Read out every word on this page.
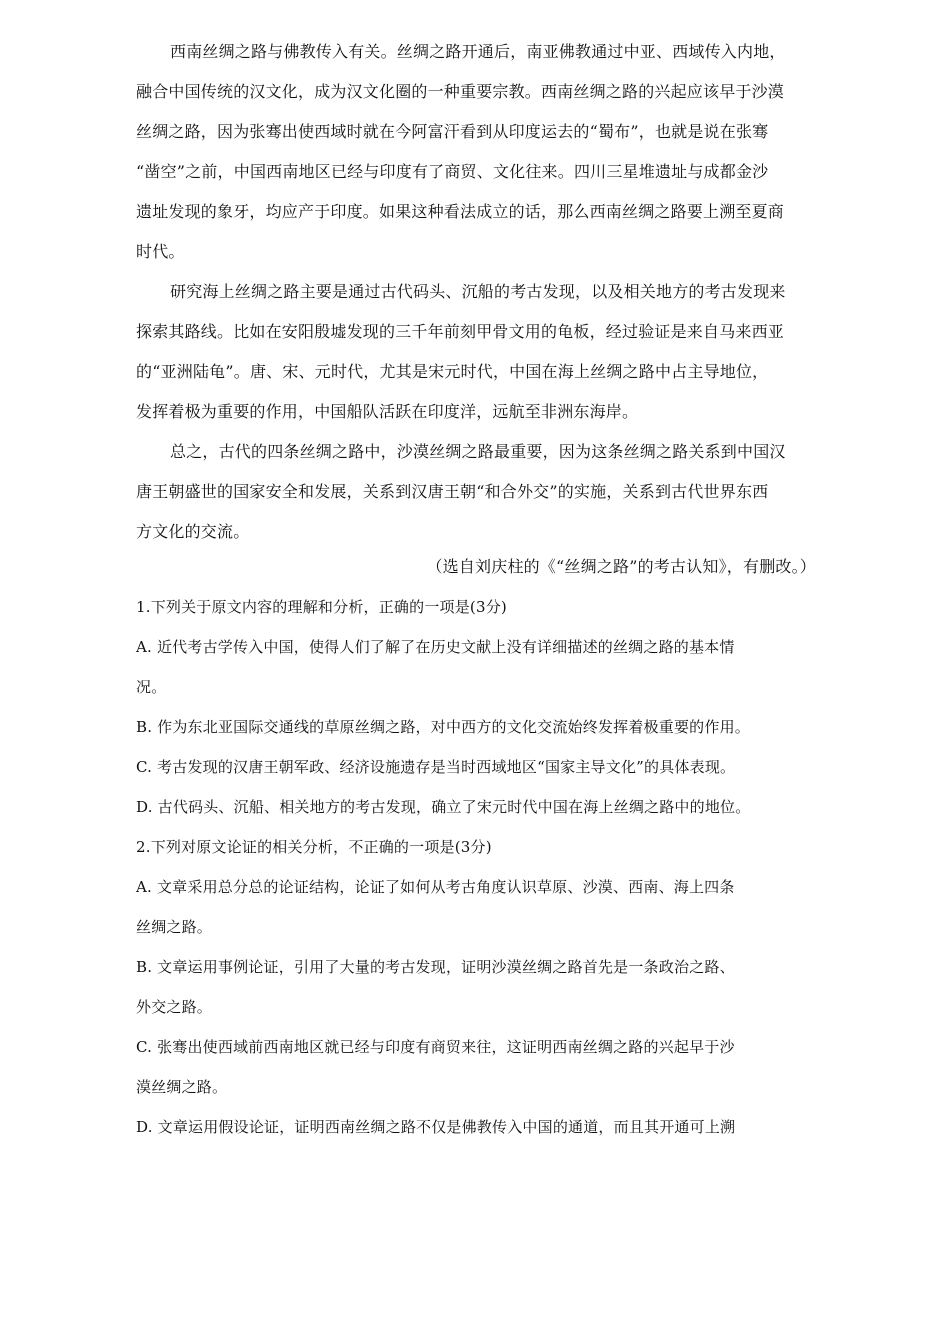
西南丝绸之路与佛教传入有关。丝绸之路开通后，南亚佛教通过中亚、西域传入内地，
融合中国传统的汉文化，成为汉文化圈的一种重要宗教。西南丝绸之路的兴起应该早于沙漠
丝绸之路，因为张骞出使西域时就在今阿富汗看到从印度运去的“蜀布”，也就是说在张骞
“凿空”之前，中国西南地区已经与印度有了商贸、文化往来。四川三星堆遗址与成都金沙
遗址发现的象牙，均应产于印度。如果这种看法成立的话，那么西南丝绸之路要上溯至夏商
时代。
研究海上丝绸之路主要是通过古代码头、沉船的考古发现，以及相关地方的考古发现来
探索其路线。比如在安阳殷墟发现的三千年前刻甲骨文用的龟板，经过验证是来自马来西亚
的“亚洲陆龟”。唐、宋、元时代，尤其是宋元时代，中国在海上丝绸之路中占主导地位，
发挥着极为重要的作用，中国船队活跃在印度洋，远航至非洲东海岸。
总之，古代的四条丝绸之路中，沙漠丝绸之路最重要，因为这条丝绸之路关系到中国汉
唐王朝盛世的国家安全和发展，关系到汉唐王朝“和合外交”的实施，关系到古代世界东西
方文化的交流。
（选自刘庆柱的《“丝绸之路”的考古认知》，有删改。）
1.下列关于原文内容的理解和分析，正确的一项是(3分)
A. 近代考古学传入中国，使得人们了解了在历史文献上没有详细描述的丝绸之路的基本情
况。
B. 作为东北亚国际交通线的草原丝绸之路，对中西方的文化交流始终发挥着极重要的作用。
C. 考古发现的汉唐王朝军政、经济设施遗存是当时西域地区“国家主导文化”的具体表现。
D. 古代码头、沉船、相关地方的考古发现，确立了宋元时代中国在海上丝绸之路中的地位。
2.下列对原文论证的相关分析，不正确的一项是(3分)
A. 文章采用总分总的论证结构，论证了如何从考古角度认识草原、沙漠、西南、海上四条
丝绸之路。
B. 文章运用事例论证，引用了大量的考古发现，证明沙漠丝绸之路首先是一条政治之路、
外交之路。
C. 张骞出使西域前西南地区就已经与印度有商贸来往，这证明西南丝绸之路的兴起早于沙
漠丝绸之路。
D. 文章运用假设论证，证明西南丝绸之路不仅是佛教传入中国的通道，而且其开通可上溯
